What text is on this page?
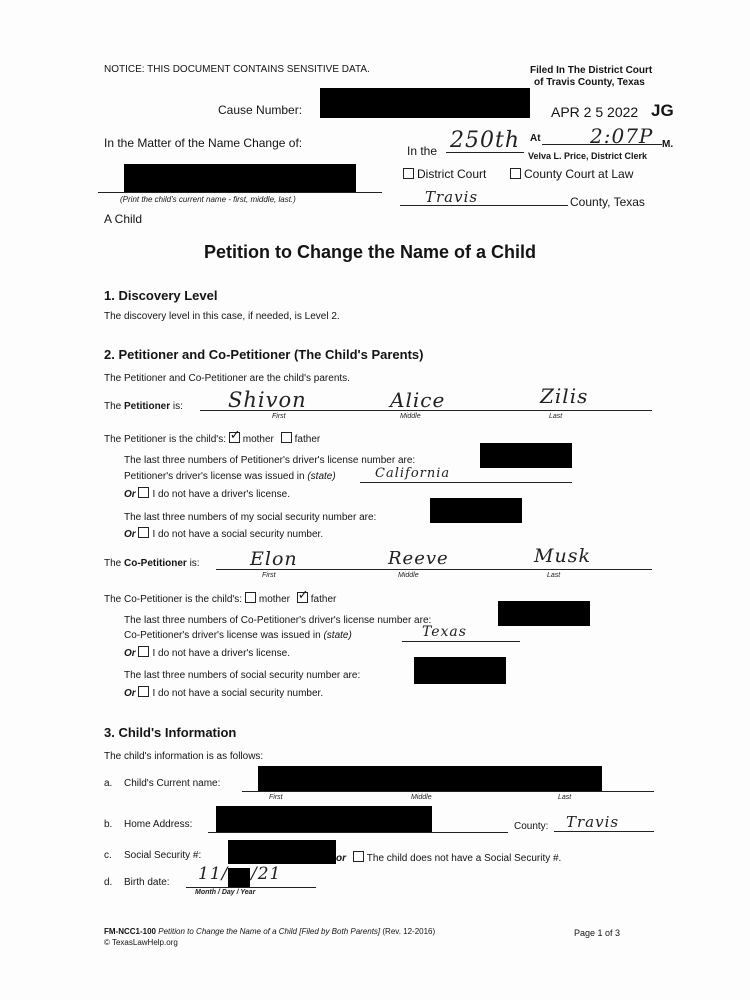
NOTICE: THIS DOCUMENT CONTAINS SENSITIVE DATA.	Filed In The District Court
of Travis County, Texas
Cause Number:	APR 2 5 2022 JG
In the Matter of the Name Change of:
In the 250th At 2:07P M.
Velva L. Price, District Clerk
(Print the child's current name - first, middle, last.)
A Child
District Court	County Court at Law
Travis	County, Texas
Petition to Change the Name of a Child
1. Discovery Level
The discovery level in this case, if needed, is Level 2.
2. Petitioner and Co-Petitioner (The Child's Parents)
The Petitioner and Co-Petitioner are the child's parents.
The Petitioner is: Shivon	Alice	Zilis
First	Middle	Last
The Petitioner is the child's: ✓ mother father
The last three numbers of Petitioner's driver's license number are:
Petitioner's driver's license was issued in (state)	California
Or I do not have a driver's license.
The last three numbers of my social security number are:
Or I do not have a social security number.
The Co-Petitioner is:	Elon	Reeve	Musk
First	Middle	Last
The Co-Petitioner is the child's: mother ✓ father
The last three numbers of Co-Petitioner's driver's license number are:
Co-Petitioner's driver's license was issued in (state)	Texas
Or I do not have a driver's license.
The last three numbers of social security number are:
Or I do not have a social security number.
3. Child's Information
The child's information is as follows:
a. Child's Current name:
First	Middle	Last
b. Home Address:	County: Travis
c. Social Security #:	or The child does not have a Social Security #.
d. Birth date: 11/ /21
Month / Day / Year
FM-NCC1-100 Petition to Change the Name of a Child [Filed by Both Parents] (Rev. 12-2016)
© TexasLawHelp.org
Page 1 of 3
